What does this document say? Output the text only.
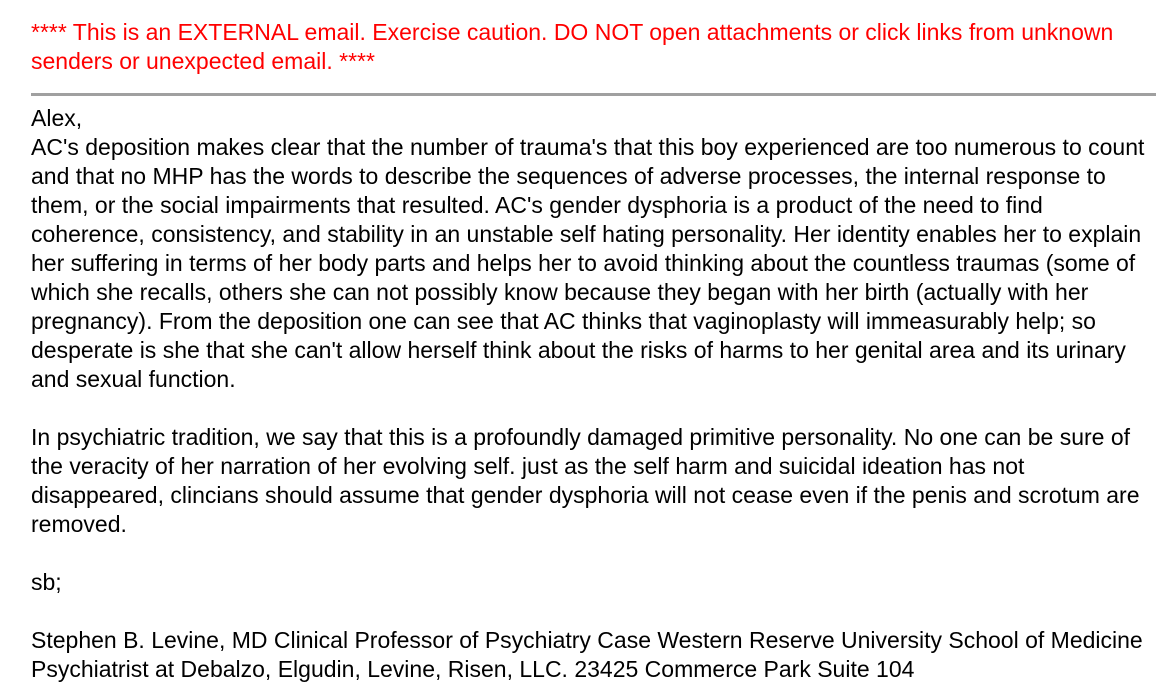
**** This is an EXTERNAL email. Exercise caution. DO NOT open attachments or click links from unknown senders or unexpected email. ****

Alex,

AC's deposition makes clear that the number of trauma's that this boy experienced are too numerous to count and that no MHP has the words to describe the sequences of adverse processes, the internal response to them, or the social impairments that resulted. AC's gender dysphoria is a product of the need to find coherence, consistency, and stability in an unstable self hating personality. Her identity enables her to explain her suffering in terms of her body parts and helps her to avoid thinking about the countless traumas (some of which she recalls, others she can not possibly know because they began with her birth (actually with her pregnancy). From the deposition one can see that AC thinks that vaginoplasty will immeasurably help; so desperate is she that she can't allow herself think about the risks of harms to her genital area and its urinary and sexual function.

In psychiatric tradition, we say that this is a profoundly damaged primitive personality. No one can be sure of the veracity of her narration of her evolving self. just as the self harm and suicidal ideation has not disappeared, clincians should assume that gender dysphoria will not cease even if the penis and scrotum are removed.

sb;

Stephen B. Levine, MD Clinical Professor of Psychiatry Case Western Reserve University School of Medicine Psychiatrist at Debalzo, Elgudin, Levine, Risen, LLC. 23425 Commerce Park Suite 104
